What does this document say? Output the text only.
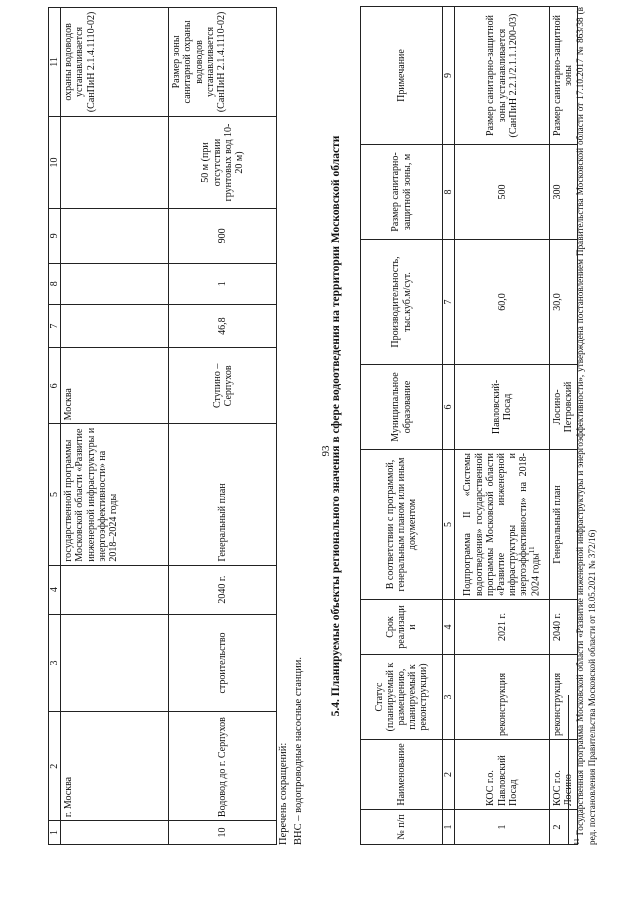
93
1	2	3	4	5	6	7	8	9	10	11
	г. Москва			государственной программы Московской области «Развитие инженерной инфраструктуры и энергоэффективности» на 2018–2024 годы	Москва					охраны водоводов устанавливается (СанПиН 2.1.4.1110-02)
10	Водовод до г. Серпухов	строительство	2040 г.	Генеральный план	Ступино – Серпухов	46,8	1	900	50 м (при отсутствии грунтовых вод 10-20 м)	Размер зоны санитарной охраны водоводов устанавливается (СанПиН 2.1.4.1110-02)
Перечень сокращений: ВНС – водопроводные насосные станции.
5.4. Планируемые объекты регионального значения в сфере водоотведения на территории Московской области
№ п/п	Наименование	Статус (планируемый к размещению, планируемый к реконструкции)	Срок реализации	В соответствии с программой, генеральным планом или иным документом	Муниципальное образование	Производительность, тыс.куб.м/сут.	Размер санитарно-защитной зоны, м	Примечание
1	2	3	4	5	6	7	8	9
1	КОС г.о. Павловский Посад	реконструкция	2021 г.	Подпрограмма II «Системы водоотведения» государственной программы Московской области «Развитие инженерной инфраструктуры и энергоэффективности» на 2018-2024 годы$^{11}$	Павловский-Посад	60,0	500	Размер санитарно-защитной зоны устанавливается (СанПиН 2.2.1/2.1.1.1200-03)
2	КОС г.о. Лосино-	реконструкция	2040 г.	Генеральный план	Лосино-Петровский	30,0	300	Размер санитарно-защитной зоны
$^{11}$ Государственная программа Московской области «Развитие инженерной инфраструктуры и энергоэффективности», утверждена постановлением Правительства Московской области от 17.10.2017 № 863/38 (в ред. постановления Правительства Московской области от 18.05.2021 № 372/16)
